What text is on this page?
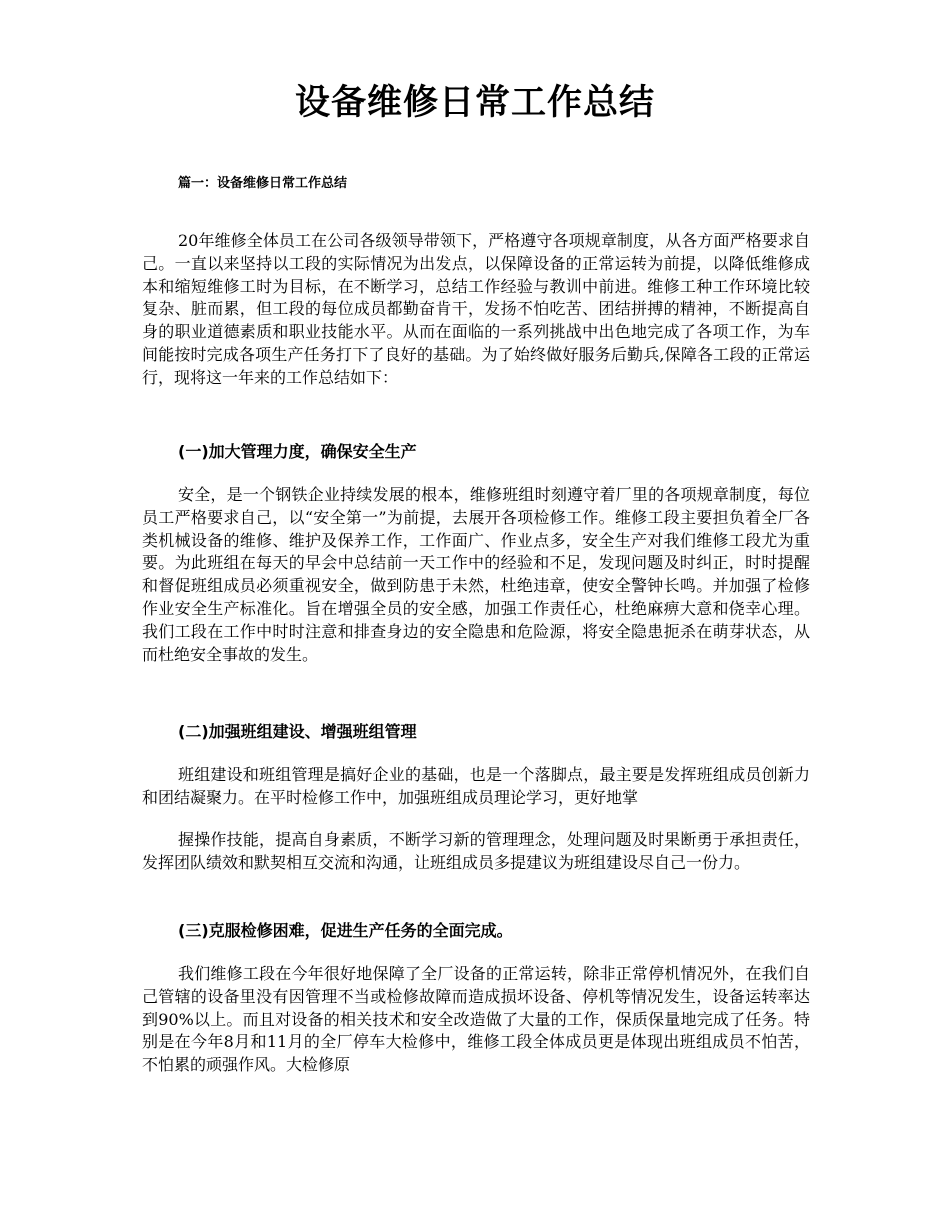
设备维修日常工作总结

篇一：设备维修日常工作总结

20年维修全体员工在公司各级领导带领下，严格遵守各项规章制度，从各方面严格要求自己。一直以来坚持以工段的实际情况为出发点，以保障设备的正常运转为前提，以降低维修成本和缩短维修工时为目标，在不断学习，总结工作经验与教训中前进。维修工种工作环境比较复杂、脏而累，但工段的每位成员都勤奋肯干，发扬不怕吃苦、团结拼搏的精神，不断提高自身的职业道德素质和职业技能水平。从而在面临的一系列挑战中出色地完成了各项工作，为车间能按时完成各项生产任务打下了良好的基础。为了始终做好服务后勤兵,保障各工段的正常运行，现将这一年来的工作总结如下：

(一)加大管理力度，确保安全生产

安全，是一个钢铁企业持续发展的根本，维修班组时刻遵守着厂里的各项规章制度，每位员工严格要求自己，以“安全第一”为前提，去展开各项检修工作。维修工段主要担负着全厂各类机械设备的维修、维护及保养工作，工作面广、作业点多，安全生产对我们维修工段尤为重要。为此班组在每天的早会中总结前一天工作中的经验和不足，发现问题及时纠正，时时提醒和督促班组成员必须重视安全，做到防患于未然，杜绝违章，使安全警钟长鸣。并加强了检修作业安全生产标准化。旨在增强全员的安全感，加强工作责任心，杜绝麻痹大意和侥幸心理。我们工段在工作中时时注意和排查身边的安全隐患和危险源，将安全隐患扼杀在萌芽状态，从而杜绝安全事故的发生。

(二)加强班组建设、增强班组管理

班组建设和班组管理是搞好企业的基础，也是一个落脚点，最主要是发挥班组成员创新力和团结凝聚力。在平时检修工作中，加强班组成员理论学习，更好地掌

握操作技能，提高自身素质，不断学习新的管理理念，处理问题及时果断勇于承担责任，发挥团队绩效和默契相互交流和沟通，让班组成员多提建议为班组建设尽自己一份力。

(三)克服检修困难，促进生产任务的全面完成。

我们维修工段在今年很好地保障了全厂设备的正常运转，除非正常停机情况外，在我们自己管辖的设备里没有因管理不当或检修故障而造成损坏设备、停机等情况发生，设备运转率达到90%以上。而且对设备的相关技术和安全改造做了大量的工作，保质保量地完成了任务。特别是在今年8月和11月的全厂停车大检修中，维修工段全体成员更是体现出班组成员不怕苦，不怕累的顽强作风。大检修原
